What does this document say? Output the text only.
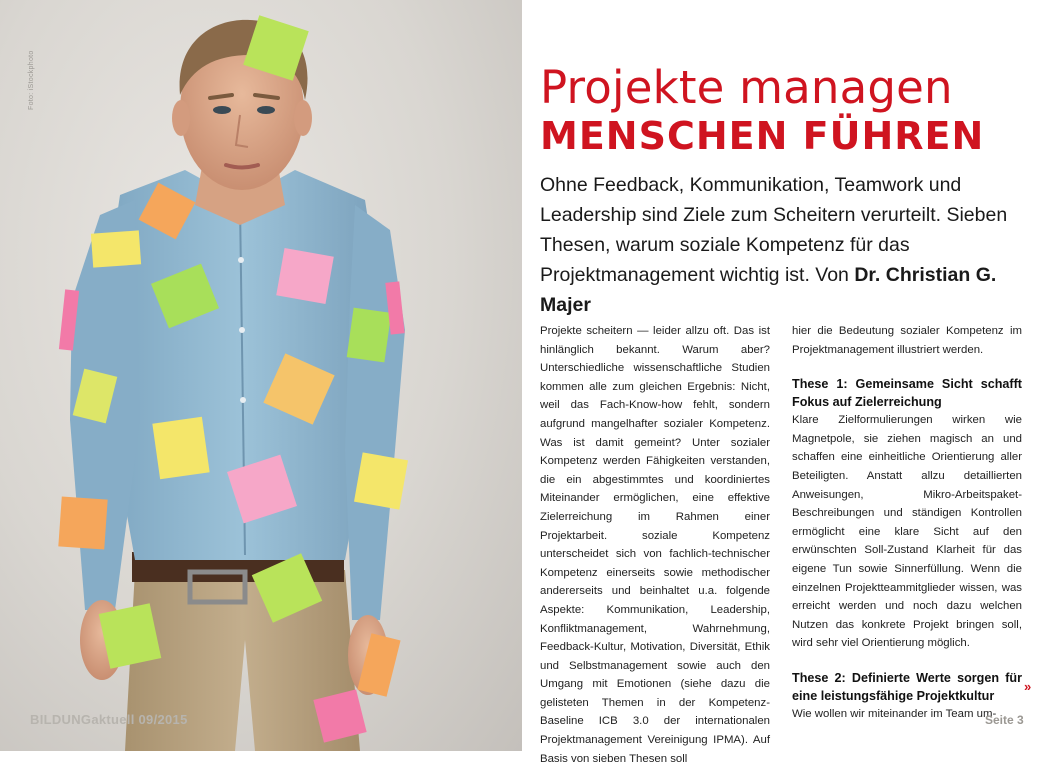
Foto: iStockphoto
BILDUNGaktuell 09/2015
Projekte managen
MENSCHEN FÜHREN
Ohne Feedback, Kommunikation, Teamwork und Leadership sind Ziele zum Scheitern verurteilt. Sieben Thesen, warum soziale Kompetenz für das Projektmanagement wichtig ist. Von Dr. Christian G. Majer

Projekte scheitern — leider allzu oft. Das ist hinlänglich bekannt. Warum aber? Unterschiedliche wissenschaftliche Studien kommen alle zum gleichen Ergebnis: Nicht, weil das Fach-Know-how fehlt, sondern aufgrund mangelhafter sozialer Kompetenz. Was ist damit gemeint? Unter sozialer Kompetenz werden Fähigkeiten verstanden, die ein abgestimmtes und koordiniertes Miteinander ermöglichen, eine effektive Zielerreichung im Rahmen einer Projektarbeit. soziale Kompetenz unterscheidet sich von fachlich-technischer Kompetenz einerseits sowie methodischer andererseits und beinhaltet u.a. folgende Aspekte: Kommunikation, Leadership, Konfliktmanagement, Wahrnehmung, Feedback-Kultur, Motivation, Diversität, Ethik und Selbstmanagement sowie auch den Umgang mit Emotionen (siehe dazu die gelisteten Themen in der Kompetenz-Baseline ICB 3.0 der internationalen Projektmanagement Vereinigung IPMA). Auf Basis von sieben Thesen soll

hier die Bedeutung sozialer Kompetenz im Projektmanagement illustriert werden.

These 1: Gemeinsame Sicht schafft Fokus auf Zielerreichung

Klare Zielformulierungen wirken wie Magnetpole, sie ziehen magisch an und schaffen eine einheitliche Orientierung aller Beteiligten. Anstatt allzu detaillierten Anweisungen, Mikro-Arbeitspaket-Beschreibungen und ständigen Kontrollen ermöglicht eine klare Sicht auf den erwünschten Soll-Zustand Klarheit für das eigene Tun sowie Sinnerfüllung. Wenn die einzelnen Projektteammitglieder wissen, was erreicht werden und noch dazu welchen Nutzen das konkrete Projekt bringen soll, wird sehr viel Orientierung möglich.

These 2: Definierte Werte sorgen für eine leistungsfähige Projektkultur

Wie wollen wir miteinander im Team um-

»
Seite 3
